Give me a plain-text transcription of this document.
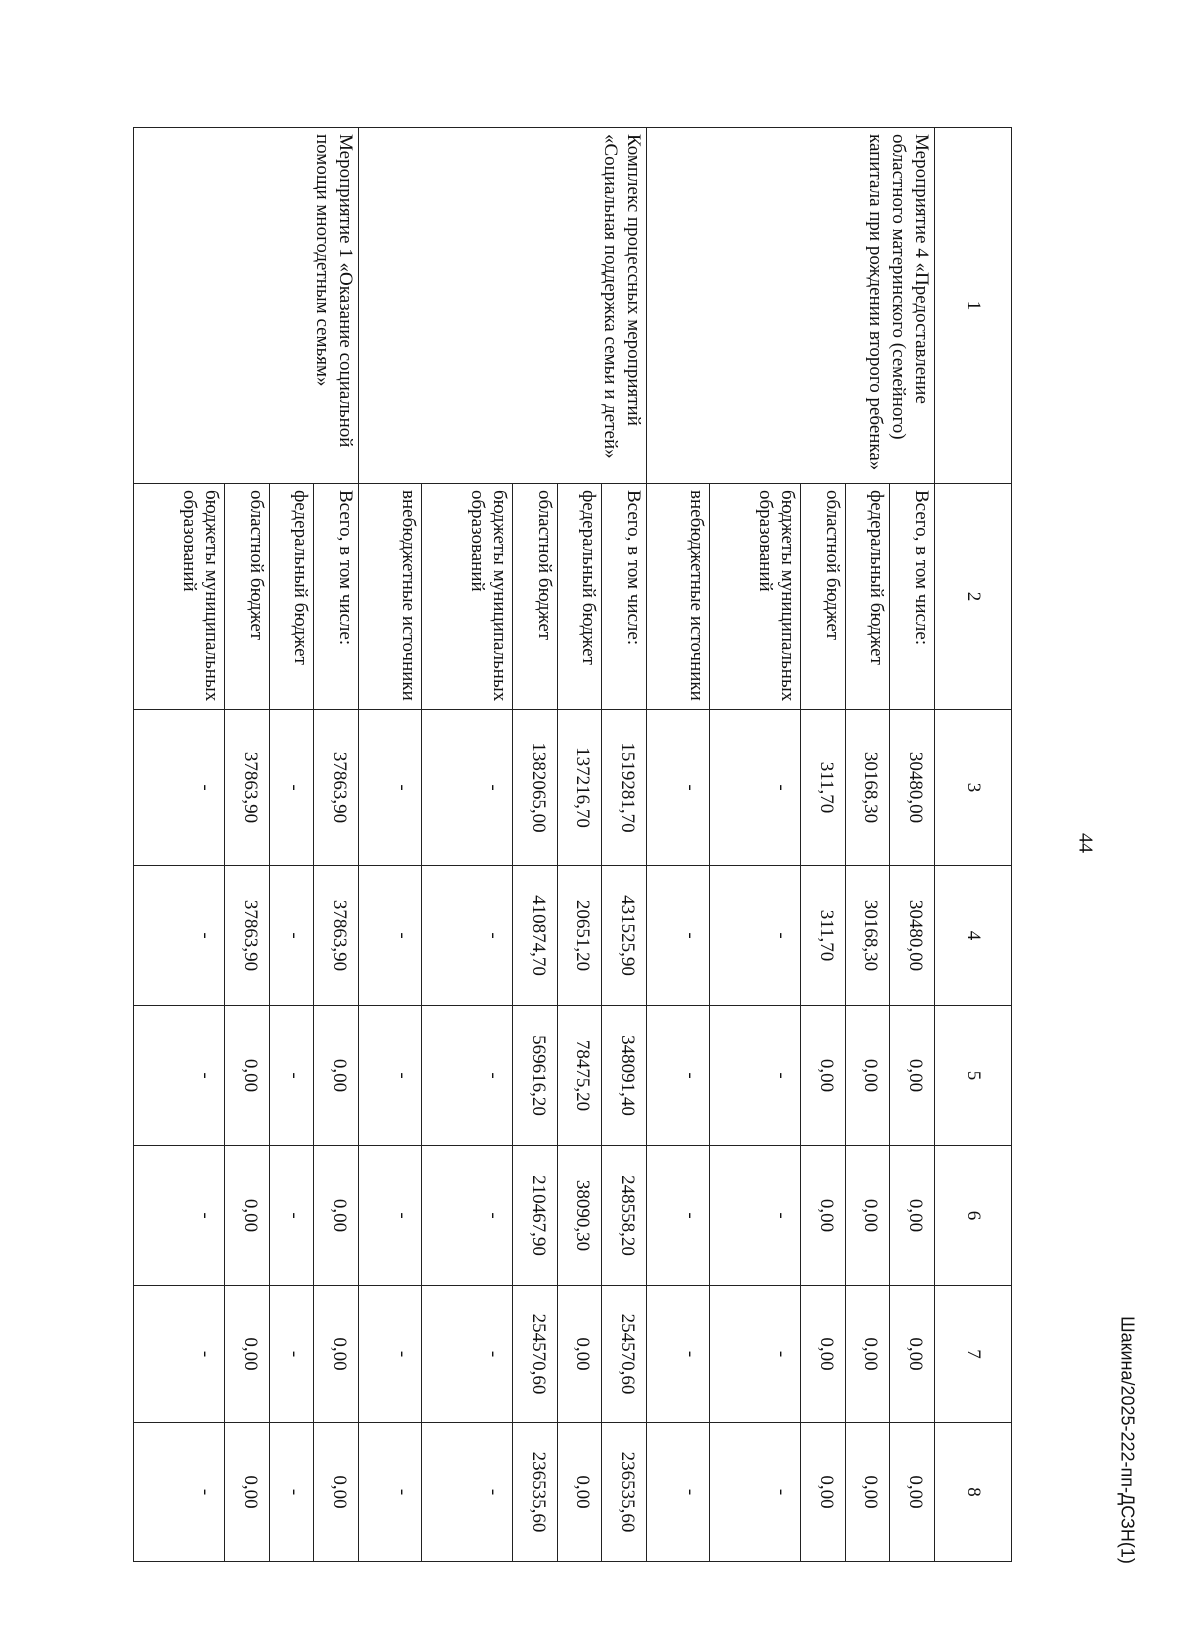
44
Шакина/2025-222-пп-ДСЗН(1)
1	2	3	4	5	6	7	8
Мероприятие 4 «Предоставление областного материнского (семейного) капитала при рождении второго ребенка»	Всего, в том числе:	30480,00	30480,00	0,00	0,00	0,00	0,00
	федеральный бюджет	30168,30	30168,30	0,00	0,00	0,00	0,00
	областной бюджет	311,70	311,70	0,00	0,00	0,00	0,00
	бюджеты муниципальных образований	-	-	-	-	-	-
	внебюджетные источники	-	-	-	-	-	-
Комплекс процессных мероприятий «Социальная поддержка семьи и детей»	Всего, в том числе:	1519281,70	431525,90	348091,40	248558,20	254570,60	236535,60
	федеральный бюджет	137216,70	20651,20	78475,20	38090,30	0,00	0,00
	областной бюджет	1382065,00	410874,70	569616,20	210467,90	254570,60	236535,60
	бюджеты муниципальных образований	-	-	-	-	-	-
	внебюджетные источники	-	-	-	-	-	-
Мероприятие 1 «Оказание социальной помощи многодетным семьям»	Всего, в том числе:	37863,90	37863,90	0,00	0,00	0,00	0,00
	федеральный бюджет	-	-	-	-	-	-
	областной бюджет	37863,90	37863,90	0,00	0,00	0,00	0,00
	бюджеты муниципальных образований	-	-	-	-	-	-
